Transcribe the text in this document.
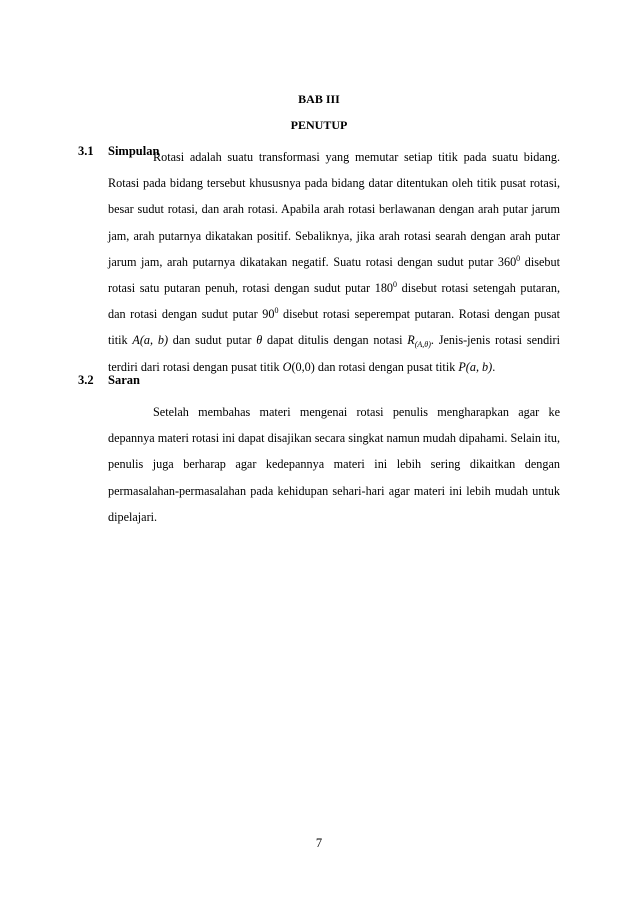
BAB III
PENUTUP
3.1 Simpulan
Rotasi adalah suatu transformasi yang memutar setiap titik pada suatu bidang. Rotasi pada bidang tersebut khususnya pada bidang datar ditentukan oleh titik pusat rotasi, besar sudut rotasi, dan arah rotasi. Apabila arah rotasi berlawanan dengan arah putar jarum jam, arah putarnya dikatakan positif. Sebaliknya, jika arah rotasi searah dengan arah putar jarum jam, arah putarnya dikatakan negatif. Suatu rotasi dengan sudut putar $360^0$ disebut rotasi satu putaran penuh, rotasi dengan sudut putar $180^0$ disebut rotasi setengah putaran, dan rotasi dengan sudut putar $90^0$ disebut rotasi seperempat putaran. Rotasi dengan pusat titik A(a, b) dan sudut putar θ dapat ditulis dengan notasi $R_{(A,\theta)}$. Jenis-jenis rotasi sendiri terdiri dari rotasi dengan pusat titik O(0,0) dan rotasi dengan pusat titik P(a, b).
3.2 Saran
Setelah membahas materi mengenai rotasi penulis mengharapkan agar ke depannya materi rotasi ini dapat disajikan secara singkat namun mudah dipahami. Selain itu, penulis juga berharap agar kedepannya materi ini lebih sering dikaitkan dengan permasalahan-permasalahan pada kehidupan sehari-hari agar materi ini lebih mudah untuk dipelajari.
7
